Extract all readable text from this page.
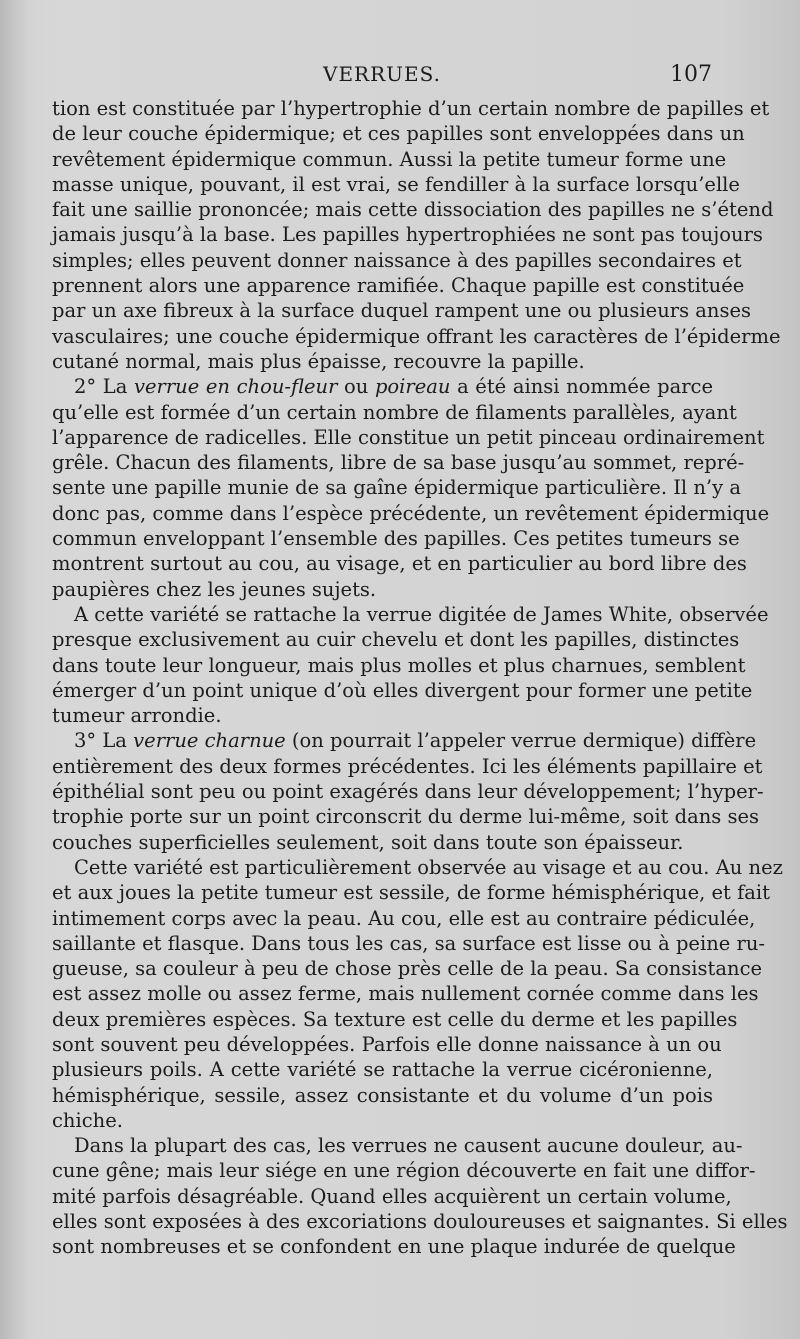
VERRUES.	107
tion est constituée par l’hypertrophie d’un certain nombre de papilles et
de leur couche épidermique; et ces papilles sont enveloppées dans un
revêtement épidermique commun. Aussi la petite tumeur forme une
masse unique, pouvant, il est vrai, se fendiller à la surface lorsqu’elle
fait une saillie prononcée; mais cette dissociation des papilles ne s’étend
jamais jusqu’à la base. Les papilles hypertrophiées ne sont pas toujours
simples; elles peuvent donner naissance à des papilles secondaires et
prennent alors une apparence ramifiée. Chaque papille est constituée
par un axe fibreux à la surface duquel rampent une ou plusieurs anses
vasculaires; une couche épidermique offrant les caractères de l’épiderme
cutané normal, mais plus épaisse, recouvre la papille.
2° La verrue en chou-fleur ou poireau a été ainsi nommée parce
qu’elle est formée d’un certain nombre de filaments parallèles, ayant
l’apparence de radicelles. Elle constitue un petit pinceau ordinairement
grêle. Chacun des filaments, libre de sa base jusqu’au sommet, repré-
sente une papille munie de sa gaîne épidermique particulière. Il n’y a
donc pas, comme dans l’espèce précédente, un revêtement épidermique
commun enveloppant l’ensemble des papilles. Ces petites tumeurs se
montrent surtout au cou, au visage, et en particulier au bord libre des
paupières chez les jeunes sujets.
A cette variété se rattache la verrue digitée de James White, observée
presque exclusivement au cuir chevelu et dont les papilles, distinctes
dans toute leur longueur, mais plus molles et plus charnues, semblent
émerger d’un point unique d’où elles divergent pour former une petite
tumeur arrondie.
3° La verrue charnue (on pourrait l’appeler verrue dermique) diffère
entièrement des deux formes précédentes. Ici les éléments papillaire et
épithélial sont peu ou point exagérés dans leur développement; l’hyper-
trophie porte sur un point circonscrit du derme lui-même, soit dans ses
couches superficielles seulement, soit dans toute son épaisseur.
Cette variété est particulièrement observée au visage et au cou. Au nez
et aux joues la petite tumeur est sessile, de forme hémisphérique, et fait
intimement corps avec la peau. Au cou, elle est au contraire pédiculée,
saillante et flasque. Dans tous les cas, sa surface est lisse ou à peine ru-
gueuse, sa couleur à peu de chose près celle de la peau. Sa consistance
est assez molle ou assez ferme, mais nullement cornée comme dans les
deux premières espèces. Sa texture est celle du derme et les papilles
sont souvent peu développées. Parfois elle donne naissance à un ou
plusieurs poils. A cette variété se rattache la verrue cicéronienne,
hémisphérique, sessile, assez consistante et du volume d’un pois
chiche.
Dans la plupart des cas, les verrues ne causent aucune douleur, au-
cune gêne; mais leur siége en une région découverte en fait une diffor-
mité parfois désagréable. Quand elles acquièrent un certain volume,
elles sont exposées à des excoriations douloureuses et saignantes. Si elles
sont nombreuses et se confondent en une plaque indurée de quelque
